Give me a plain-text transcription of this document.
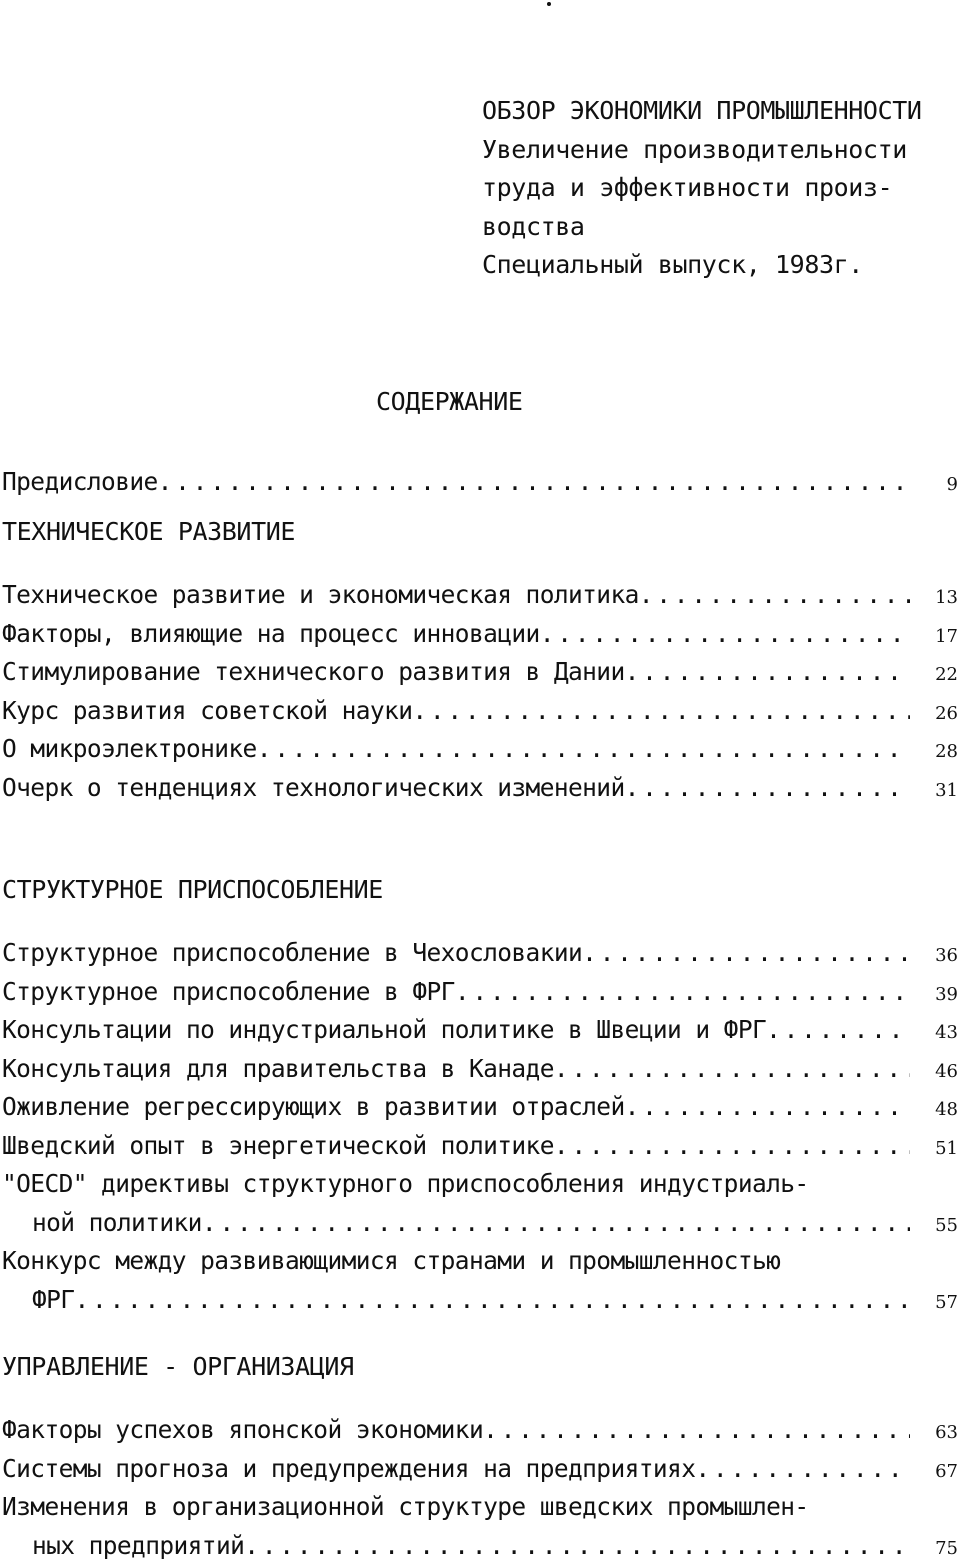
ОБЗОР ЭКОНОМИКИ ПРОМЫШЛЕННОСТИ
Увеличение производительности
труда и эффективности произ-
водства
Специальный выпуск, 1983г.
СОДЕРЖАНИЕ
Предисловие . . .	9
ТЕХНИЧЕСКОЕ РАЗВИТИЕ
Техническое развитие и экономическая политика . . .	13
Факторы, влияющие на процесс инновации . . .	17
Стимулирование технического развития в Дании . . .	22
Курс развития советской науки . . .	26
О микроэлектронике . . .	28
Очерк о тенденциях технологических изменений . . .	31
СТРУКТУРНОЕ ПРИСПОСОБЛЕНИЕ
Структурное приспособление в Чехословакии . . .	36
Структурное приспособление в ФРГ . . .	39
Консультации по индустриальной политике в Швеции и ФРГ . . .	43
Консультация для правительства в Канаде . . .	46
Оживление регрессирующих в развитии отраслей . . .	48
Шведский опыт в энергетической политике . . .	51
"OECD" директивы структурного приспособления индустриаль-
ной политики . . .	55
Конкурс между развивающимися странами и промышленностью
ФРГ . . .	57
УПРАВЛЕНИЕ - ОРГАНИЗАЦИЯ
Факторы успехов японской экономики . . .	63
Системы прогноза и предупреждения на предприятиях . . .	67
Изменения в организационной структуре шведских промышлен-
ных предприятий . . .	75
